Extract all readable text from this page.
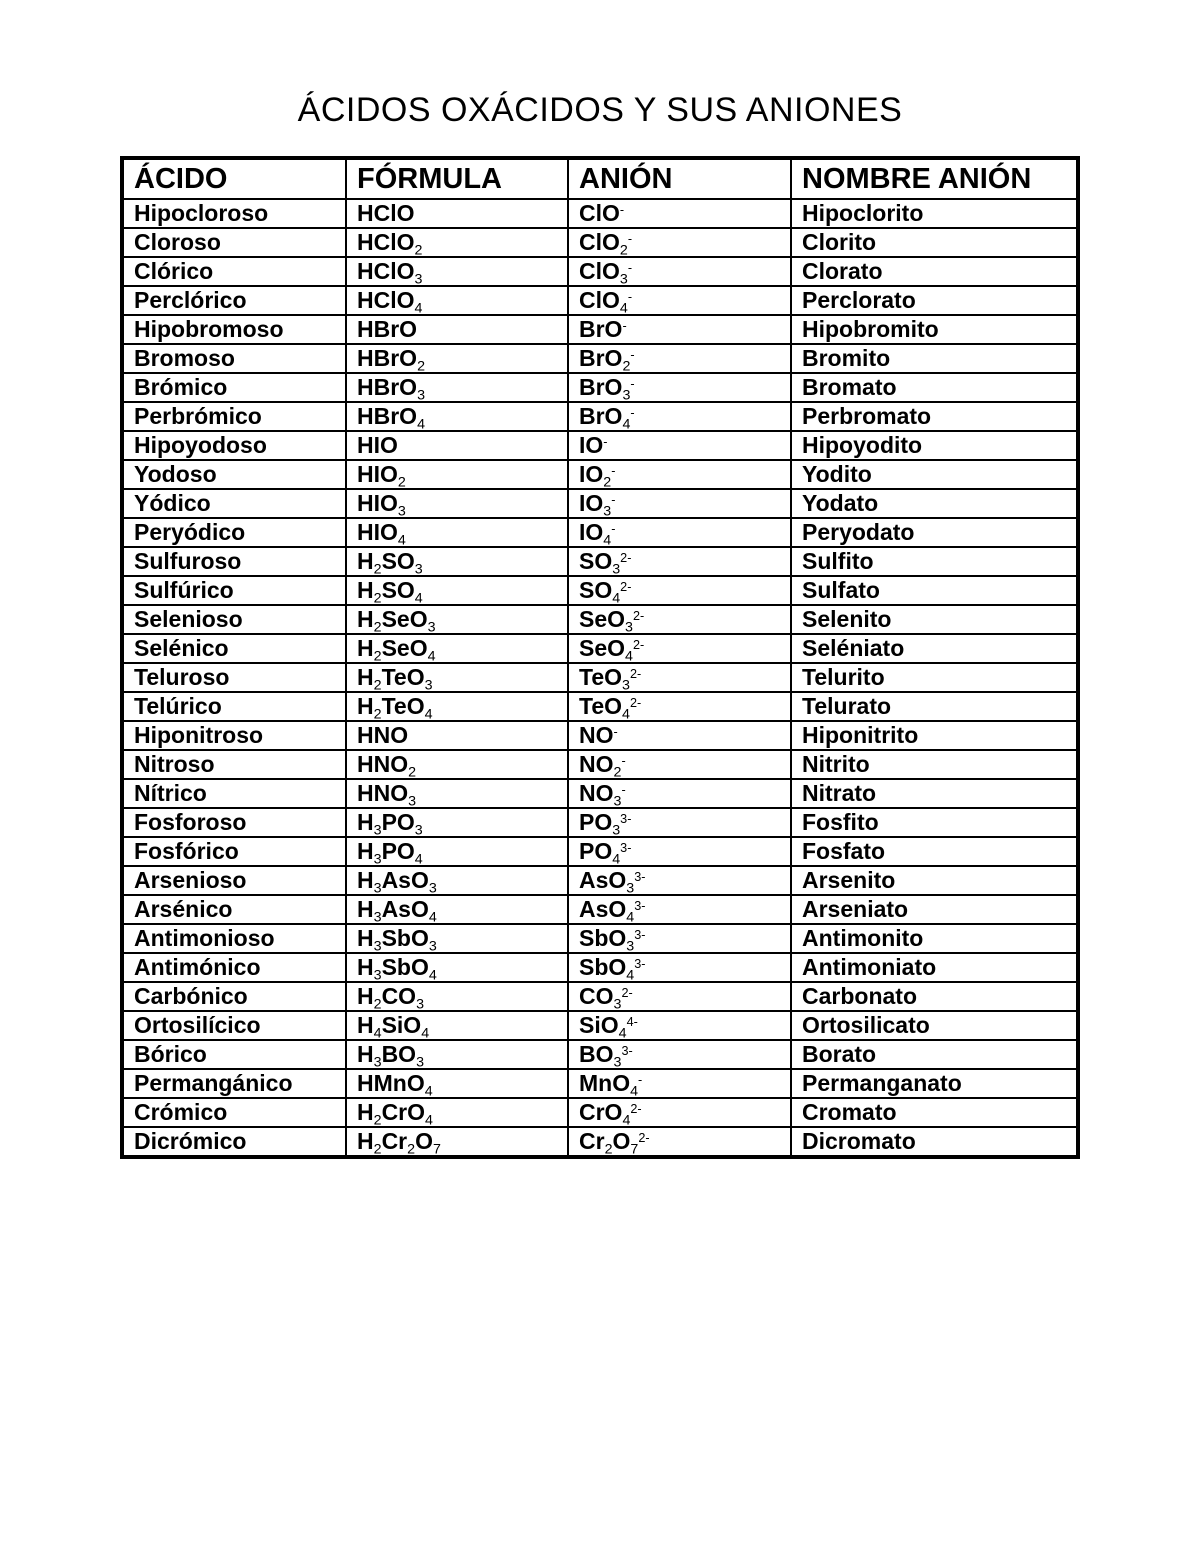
ÁCIDOS OXÁCIDOS Y SUS ANIONES
ÁCIDO	FÓRMULA	ANIÓN	NOMBRE ANIÓN
Hipocloroso	HClO	ClO-	Hipoclorito
Cloroso	HClO$_2$	ClO$_2$-	Clorito
Clórico	HClO$_3$	ClO$_3$-	Clorato
Perclórico	HClO$_4$	ClO$_4$-	Perclorato
Hipobromoso	HBrO	BrO-	Hipobromito
Bromoso	HBrO$_2$	BrO$_2$-	Bromito
Brómico	HBrO$_3$	BrO$_3$-	Bromato
Perbrómico	HBrO$_4$	BrO$_4$-	Perbromato
Hipoyodoso	HIO	IO-	Hipoyodito
Yodoso	$HIO_2$	$IO_2^-$	Yodito
Yódico	$HIO_3$	$IO_3^-$	Yodato
Peryódico	$HIO_4$	$IO_4^-$	Peryodato
Sulfuroso	$H_2SO_3$	$SO_3^{2-}$	Sulfito
Sulfúrico	$H_2SO_4$	$SO_4^{2-}$	Sulfato
Selenioso	$H_2SeO_3$	SeO$_3^{2-}$	Selenito
Selénico	$H_2SeO_4$	SeO$_4^{2-}$	Seléniato
Teluroso	$H_2TeO_3$	TeO$_3^{2-}$	Telurito
Telúrico	$H_2TeO_4$	TeO$_4^{2-}$	Telurato
Hiponitroso	HNO	NO-	Hiponitrito
Nitroso	$HNO_2$	$NO_2^-$	Nitrito
Nítrico	$HNO_3$	$NO_3^-$	Nitrato
Fosforoso	$H_3PO_3$	$PO_3^{3-}$	Fosfito
Fosfórico	$H_3PO_4$	$PO_4^{3-}$	Fosfato
Arsenioso	$H_3AsO_3$	AsO$_3^{3-}$	Arsenito
Arsénico	$H_3AsO_4$	AsO$_4^{3-}$	Arseniato
Antimonioso	$H_3SbO_3$	SbO$_3^{3-}$	Antimonito
Antimónico	$H_3SbO_4$	SbO$_4^{3-}$	Antimoniato
Carbónico	$H_2CO_3$	$CO_3^{2-}$	Carbonato
Ortosilícico	$H_4SiO_4$	SiO$_4^{4-}$	Ortosilicato
Bórico	$H_3BO_3$	$BO_3^{3-}$	Borato
Permangánico	HMnO$_4$	MnO$_4$-	Permanganato
Crómico	$H_2CrO_4$	CrO$_4^{2-}$	Cromato
Dicrómico	$H_2Cr_2O_7$	$Cr_2O_7^{2-}$	Dicromato
